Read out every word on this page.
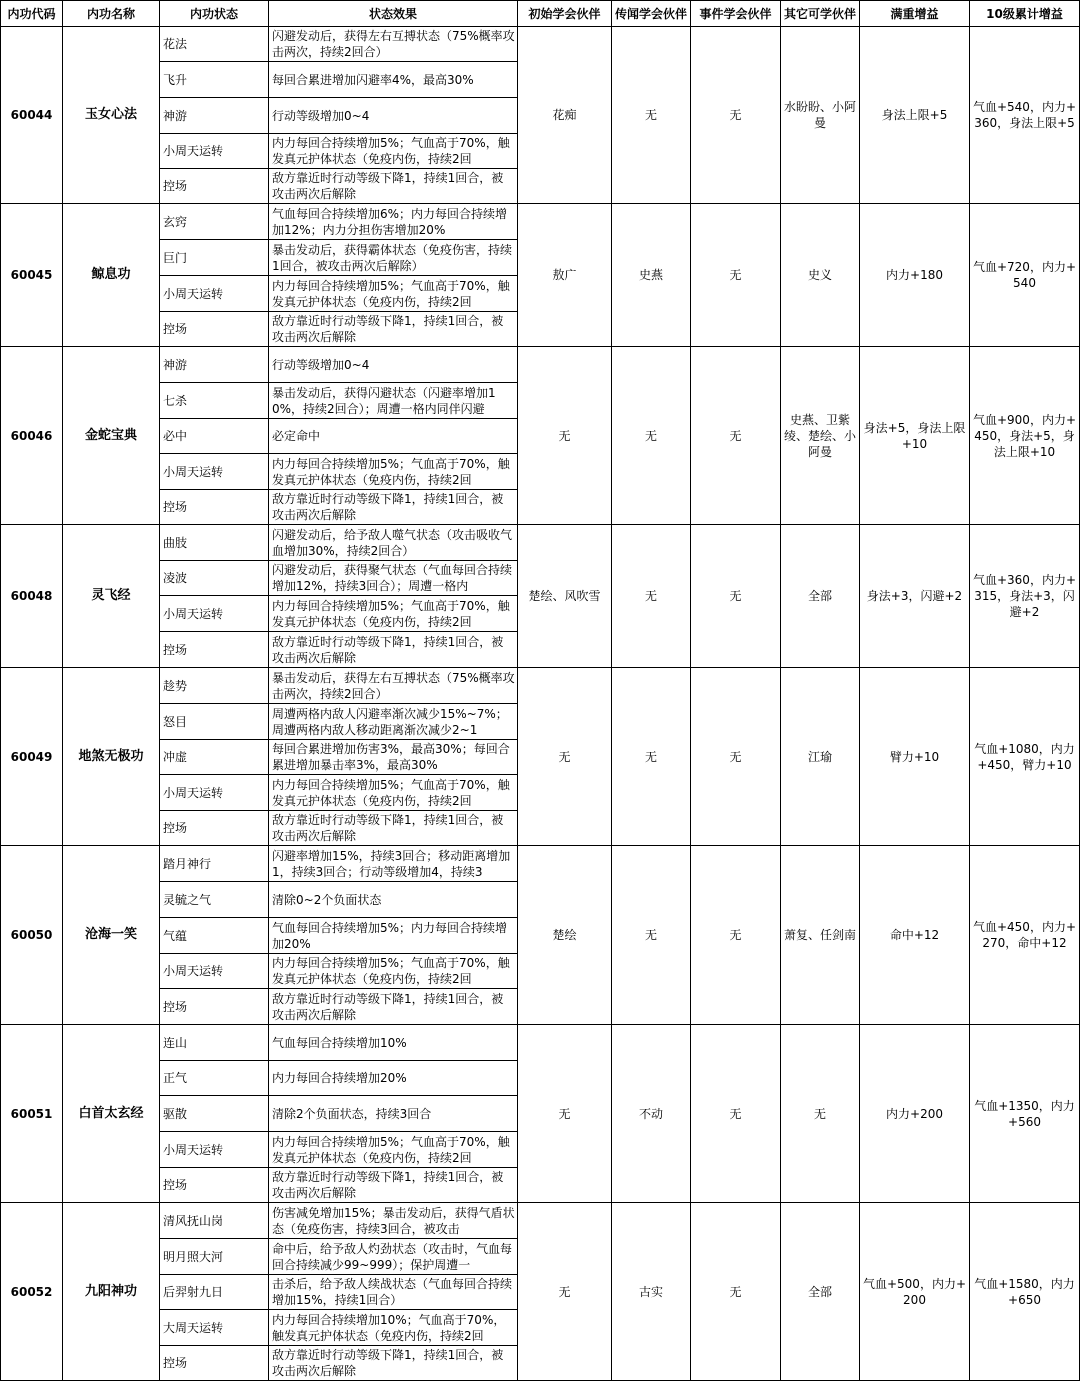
内功代码	内功名称	内功状态	状态效果	初始学会伙伴	传闻学会伙伴	事件学会伙伴	其它可学伙伴	满重增益	10级累计增益
60044	玉女心法	花法	闪避发动后，获得左右互搏状态（75%概率攻击两次，持续2回合）	花痴	无	无	水盼盼、小阿曼	身法上限+5	气血+540，内力+360，身法上限+5
		飞升	每回合累进增加闪避率4%，最高30%						

		神游	行动等级增加0~4						

		小周天运转	内力每回合持续增加5%；气血高于70%，触发真元护体状态（免疫内伤，持续2回						

		控场	敌方靠近时行动等级下降1，持续1回合，被攻击两次后解除						

60045	鲸息功	玄窍	气血每回合持续增加6%；内力每回合持续增加12%；内力分担伤害增加20%	敖广	史燕	无	史义	内力+180	气血+720，内力+540
		巨门	暴击发动后，获得霸体状态（免疫伤害，持续1回合，被攻击两次后解除）						

		小周天运转	内力每回合持续增加5%；气血高于70%，触发真元护体状态（免疫内伤，持续2回						

		控场	敌方靠近时行动等级下降1，持续1回合，被攻击两次后解除						

60046	金蛇宝典	神游	行动等级增加0~4	无	无	无	史燕、卫紫绫、楚绘、小阿曼	身法+5，身法上限+10	气血+900，内力+450，身法+5，身法上限+10
		七杀	暴击发动后，获得闪避状态（闪避率增加10%，持续2回合）；周遭一格内同伴闪避						

		必中	必定命中						

		小周天运转	内力每回合持续增加5%；气血高于70%，触发真元护体状态（免疫内伤，持续2回						

		控场	敌方靠近时行动等级下降1，持续1回合，被攻击两次后解除						

60048	灵飞经	曲肢	闪避发动后，给予敌人噬气状态（攻击吸收气血增加30%，持续2回合）	楚绘、风吹雪	无	无	全部	身法+3，闪避+2	气血+360，内力+315，身法+3，闪避+2
		凌波	闪避发动后，获得聚气状态（气血每回合持续增加12%，持续3回合）；周遭一格内						

		小周天运转	内力每回合持续增加5%；气血高于70%，触发真元护体状态（免疫内伤，持续2回						

		控场	敌方靠近时行动等级下降1，持续1回合，被攻击两次后解除						

60049	地煞无极功	趁势	暴击发动后，获得左右互搏状态（75%概率攻击两次，持续2回合）	无	无	无	江瑜	臂力+10	气血+1080，内力+450，臂力+10
		怒目	周遭两格内敌人闪避率渐次减少15%~7%；周遭两格内敌人移动距离渐次减少2~1						

		冲虚	每回合累进增加伤害3%，最高30%；每回合累进增加暴击率3%，最高30%						

		小周天运转	内力每回合持续增加5%；气血高于70%，触发真元护体状态（免疫内伤，持续2回						

		控场	敌方靠近时行动等级下降1，持续1回合，被攻击两次后解除						

60050	沧海一笑	踏月神行	闪避率增加15%，持续3回合；移动距离增加1，持续3回合；行动等级增加4，持续3	楚绘	无	无	萧复、任剑南	命中+12	气血+450，内力+270，命中+12
		灵毓之气	清除0~2个负面状态						

		气蕴	气血每回合持续增加5%；内力每回合持续增加20%						

		小周天运转	内力每回合持续增加5%；气血高于70%，触发真元护体状态（免疫内伤，持续2回						

		控场	敌方靠近时行动等级下降1，持续1回合，被攻击两次后解除						

60051	白首太玄经	连山	气血每回合持续增加10%	无	不动	无	无	内力+200	气血+1350，内力+560
		正气	内力每回合持续增加20%						

		驱散	清除2个负面状态，持续3回合						

		小周天运转	内力每回合持续增加5%；气血高于70%，触发真元护体状态（免疫内伤，持续2回						

		控场	敌方靠近时行动等级下降1，持续1回合，被攻击两次后解除						

60052	九阳神功	清风抚山岗	伤害减免增加15%；暴击发动后，获得气盾状态（免疫伤害，持续3回合，被攻击	无	古实	无	全部	气血+500，内力+200	气血+1580，内力+650
		明月照大河	命中后，给予敌人灼劲状态（攻击时，气血每回合持续减少99~999）；保护周遭一						

		后羿射九日	击杀后，给予敌人续战状态（气血每回合持续增加15%，持续1回合）						

		大周天运转	内力每回合持续增加10%；气血高于70%，触发真元护体状态（免疫内伤，持续2回						

		控场	敌方靠近时行动等级下降1，持续1回合，被攻击两次后解除						
